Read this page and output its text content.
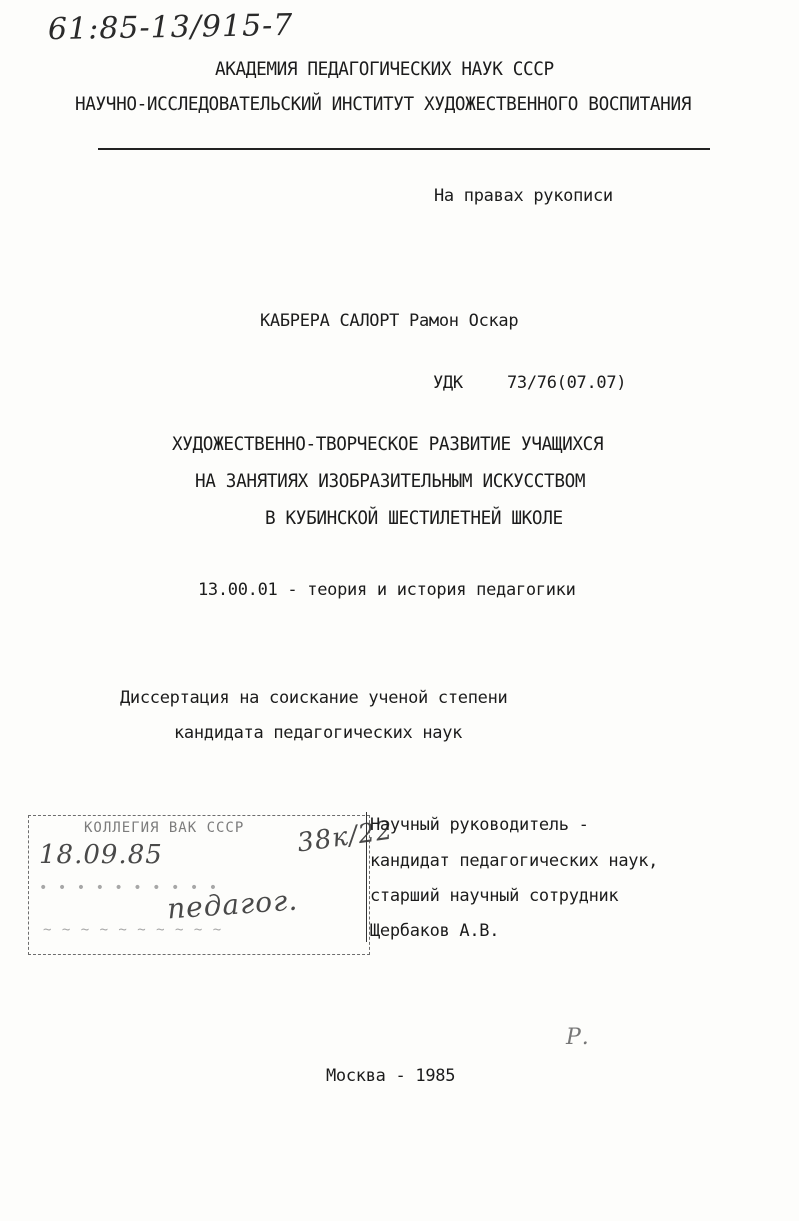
61:85-13/915-7
АКАДЕМИЯ ПЕДАГОГИЧЕСКИХ НАУК СССР
НАУЧНО-ИССЛЕДОВАТЕЛЬСКИЙ ИНСТИТУТ ХУДОЖЕСТВЕННОГО ВОСПИТАНИЯ
На правах рукописи
КАБРЕРА САЛОРТ Рамон Оскар
УДК	73/76(07.07)
ХУДОЖЕСТВЕННО-ТВОРЧЕСКОЕ РАЗВИТИЕ УЧАЩИХСЯ
НА ЗАНЯТИЯХ ИЗОБРАЗИТЕЛЬНЫМ ИСКУССТВОМ
В КУБИНСКОЙ ШЕСТИЛЕТНЕЙ ШКОЛЕ
13.00.01 - теория и история педагогики
Диссертация на соискание ученой степени
кандидата педагогических наук
КОЛЛЕГИЯ ВАК СССР
18.09.85	38к/22
педагог.
• • • • • • • • • •
~ ~ ~ ~ ~ ~ ~ ~ ~ ~
Научный руководитель -
кандидат педагогических наук,
старший научный сотрудник
Щербаков А.В.
Р.
Москва - 1985
